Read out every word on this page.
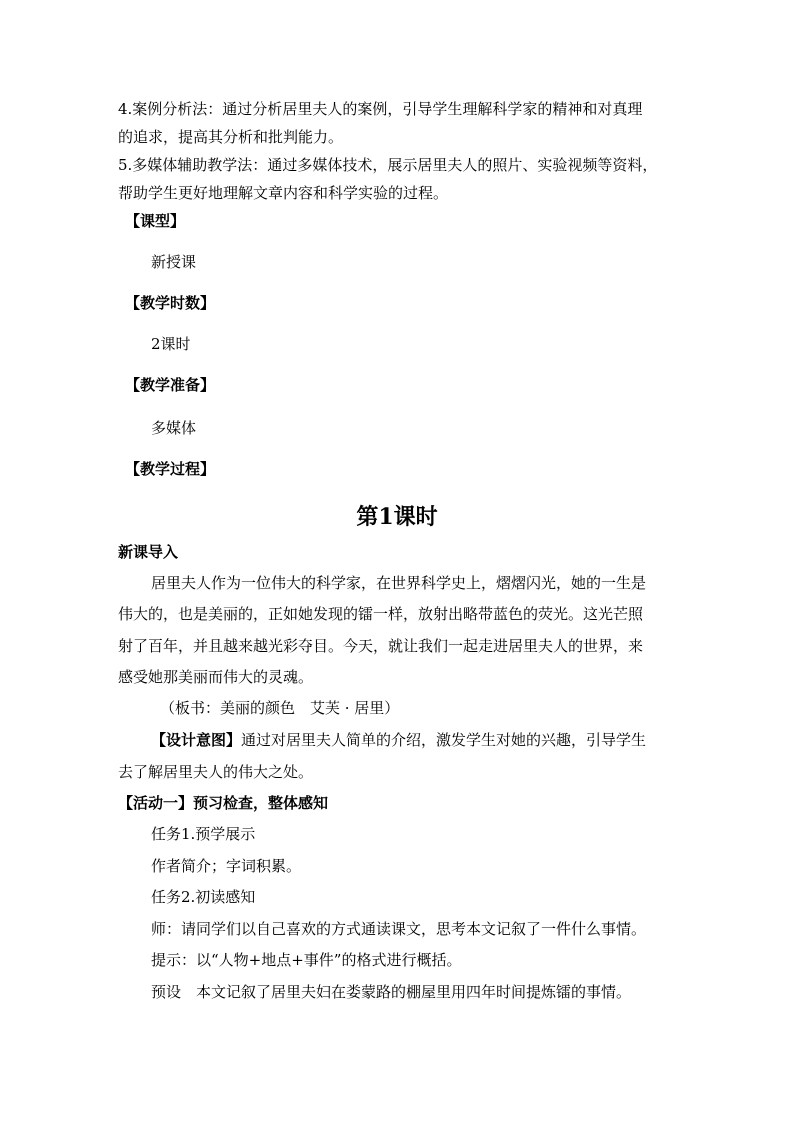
4.案例分析法：通过分析居里夫人的案例，引导学生理解科学家的精神和对真理
的追求，提高其分析和批判能力。
5.多媒体辅助教学法：通过多媒体技术，展示居里夫人的照片、实验视频等资料，
帮助学生更好地理解文章内容和科学实验的过程。
【课型】
新授课
【教学时数】
2课时
【教学准备】
多媒体
【教学过程】
第1课时
新课导入
居里夫人作为一位伟大的科学家，在世界科学史上，熠熠闪光，她的一生是
伟大的，也是美丽的，正如她发现的镭一样，放射出略带蓝色的荧光。这光芒照
射了百年，并且越来越光彩夺目。今天，就让我们一起走进居里夫人的世界，来
感受她那美丽而伟大的灵魂。
（板书：美丽的颜色　艾芙 · 居里）
【设计意图】通过对居里夫人简单的介绍，激发学生对她的兴趣，引导学生
去了解居里夫人的伟大之处。
【活动一】预习检查，整体感知
任务1.预学展示
作者简介；字词积累。
任务2.初读感知
师：请同学们以自己喜欢的方式通读课文，思考本文记叙了一件什么事情。
提示：以“人物+地点+事件”的格式进行概括。
预设　本文记叙了居里夫妇在娄蒙路的棚屋里用四年时间提炼镭的事情。
